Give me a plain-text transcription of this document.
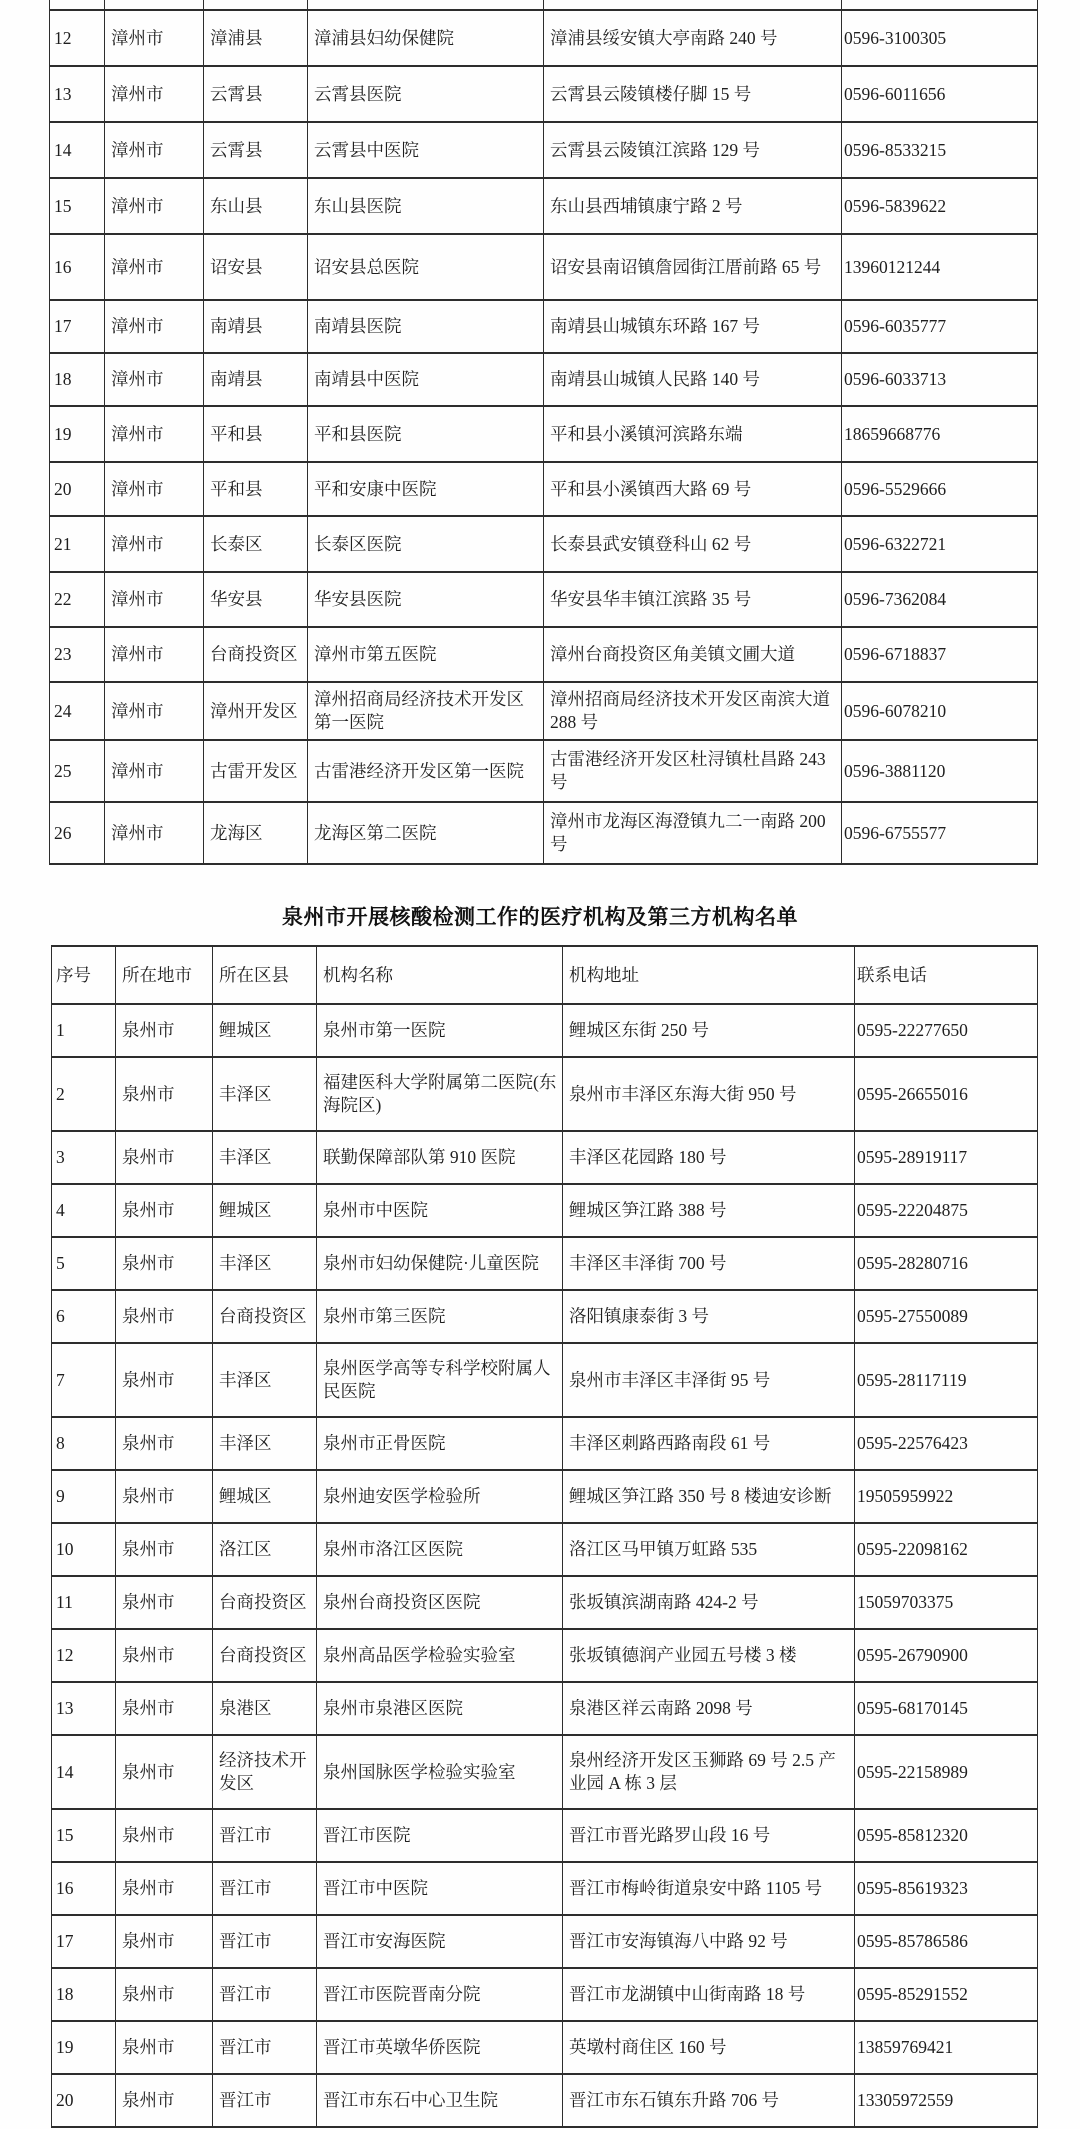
12	漳州市	漳浦县	漳浦县妇幼保健院	漳浦县绥安镇大亭南路 240 号	0596-3100305
13	漳州市	云霄县	云霄县医院	云霄县云陵镇楼仔脚 15 号	0596-6011656
14	漳州市	云霄县	云霄县中医院	云霄县云陵镇江滨路 129 号	0596-8533215
15	漳州市	东山县	东山县医院	东山县西埔镇康宁路 2 号	0596-5839622
16	漳州市	诏安县	诏安县总医院	诏安县南诏镇詹园街江厝前路 65 号	13960121244
17	漳州市	南靖县	南靖县医院	南靖县山城镇东环路 167 号	0596-6035777
18	漳州市	南靖县	南靖县中医院	南靖县山城镇人民路 140 号	0596-6033713
19	漳州市	平和县	平和县医院	平和县小溪镇河滨路东端	18659668776
20	漳州市	平和县	平和安康中医院	平和县小溪镇西大路 69 号	0596-5529666
21	漳州市	长泰区	长泰区医院	长泰县武安镇登科山 62 号	0596-6322721
22	漳州市	华安县	华安县医院	华安县华丰镇江滨路 35 号	0596-7362084
23	漳州市	台商投资区	漳州市第五医院	漳州台商投资区角美镇文圃大道	0596-6718837
24	漳州市	漳州开发区	漳州招商局经济技术开发区第一医院	漳州招商局经济技术开发区南滨大道 288 号	0596-6078210
25	漳州市	古雷开发区	古雷港经济开发区第一医院	古雷港经济开发区杜浔镇杜昌路 243 号	0596-3881120
26	漳州市	龙海区	龙海区第二医院	漳州市龙海区海澄镇九二一南路 200 号	0596-6755577
泉州市开展核酸检测工作的医疗机构及第三方机构名单
序号	所在地市	所在区县	机构名称	机构地址	联系电话
1	泉州市	鲤城区	泉州市第一医院	鲤城区东街 250 号	0595-22277650
2	泉州市	丰泽区	福建医科大学附属第二医院(东海院区)	泉州市丰泽区东海大街 950 号	0595-26655016
3	泉州市	丰泽区	联勤保障部队第 910 医院	丰泽区花园路 180 号	0595-28919117
4	泉州市	鲤城区	泉州市中医院	鲤城区笋江路 388 号	0595-22204875
5	泉州市	丰泽区	泉州市妇幼保健院·儿童医院	丰泽区丰泽街 700 号	0595-28280716
6	泉州市	台商投资区	泉州市第三医院	洛阳镇康泰街 3 号	0595-27550089
7	泉州市	丰泽区	泉州医学高等专科学校附属人民医院	泉州市丰泽区丰泽街 95 号	0595-28117119
8	泉州市	丰泽区	泉州市正骨医院	丰泽区刺路西路南段 61 号	0595-22576423
9	泉州市	鲤城区	泉州迪安医学检验所	鲤城区笋江路 350 号 8 楼迪安诊断	19505959922
10	泉州市	洛江区	泉州市洛江区医院	洛江区马甲镇万虹路 535	0595-22098162
11	泉州市	台商投资区	泉州台商投资区医院	张坂镇滨湖南路 424-2 号	15059703375
12	泉州市	台商投资区	泉州高品医学检验实验室	张坂镇德润产业园五号楼 3 楼	0595-26790900
13	泉州市	泉港区	泉州市泉港区医院	泉港区祥云南路 2098 号	0595-68170145
14	泉州市	经济技术开发区	泉州国脉医学检验实验室	泉州经济开发区玉狮路 69 号 2.5 产业园 A 栋 3 层	0595-22158989
15	泉州市	晋江市	晋江市医院	晋江市晋光路罗山段 16 号	0595-85812320
16	泉州市	晋江市	晋江市中医院	晋江市梅岭街道泉安中路 1105 号	0595-85619323
17	泉州市	晋江市	晋江市安海医院	晋江市安海镇海八中路 92 号	0595-85786586
18	泉州市	晋江市	晋江市医院晋南分院	晋江市龙湖镇中山街南路 18 号	0595-85291552
19	泉州市	晋江市	晋江市英墩华侨医院	英墩村商住区 160 号	13859769421
20	泉州市	晋江市	晋江市东石中心卫生院	晋江市东石镇东升路 706 号	13305972559
